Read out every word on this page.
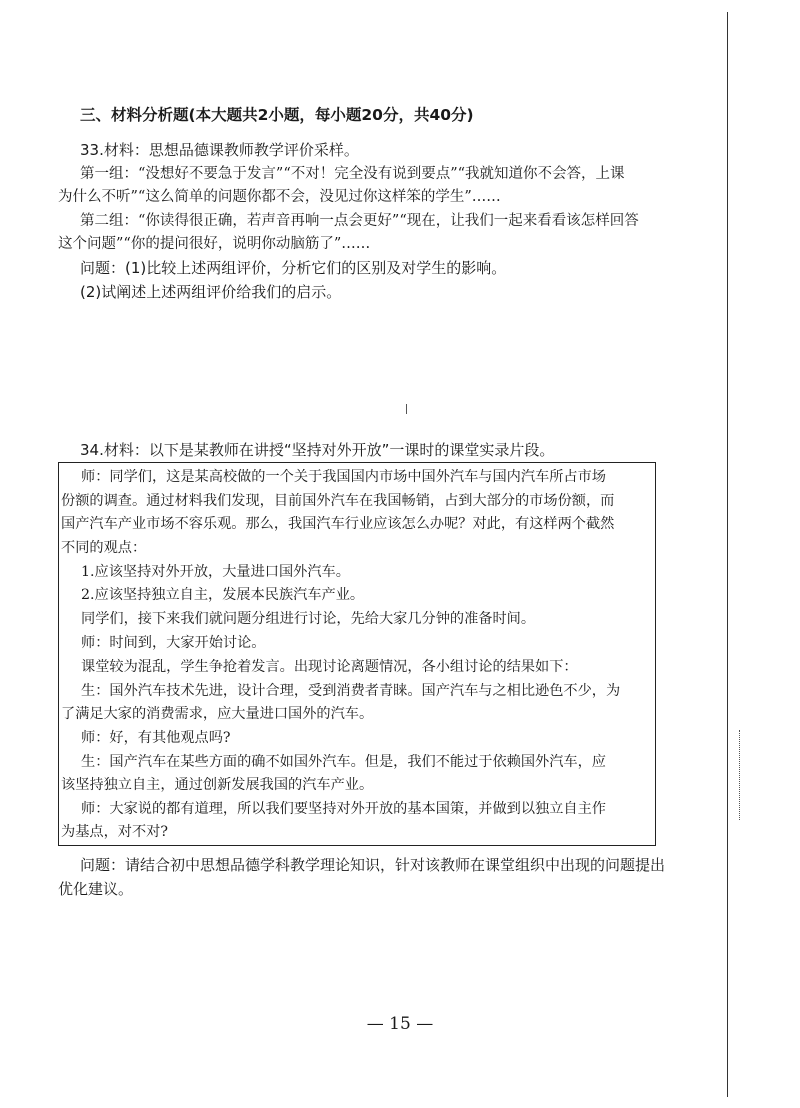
三、材料分析题(本大题共2小题，每小题20分，共40分)
33.材料：思想品德课教师教学评价采样。
第一组：“没想好不要急于发言”“不对！完全没有说到要点”“我就知道你不会答，上课
为什么不听”“这么简单的问题你都不会，没见过你这样笨的学生”……
第二组：“你读得很正确，若声音再响一点会更好”“现在，让我们一起来看看该怎样回答
这个问题”“你的提问很好，说明你动脑筋了”……
问题：(1)比较上述两组评价，分析它们的区别及对学生的影响。
(2)试阐述上述两组评价给我们的启示。
34.材料：以下是某教师在讲授“坚持对外开放”一课时的课堂实录片段。
师：同学们，这是某高校做的一个关于我国国内市场中国外汽车与国内汽车所占市场
份额的调查。通过材料我们发现，目前国外汽车在我国畅销，占到大部分的市场份额，而
国产汽车产业市场不容乐观。那么，我国汽车行业应该怎么办呢？对此，有这样两个截然
不同的观点：
1.应该坚持对外开放，大量进口国外汽车。
2.应该坚持独立自主，发展本民族汽车产业。
同学们，接下来我们就问题分组进行讨论，先给大家几分钟的准备时间。
师：时间到，大家开始讨论。
课堂较为混乱，学生争抢着发言。出现讨论离题情况，各小组讨论的结果如下：
生：国外汽车技术先进，设计合理，受到消费者青睐。国产汽车与之相比逊色不少，为
了满足大家的消费需求，应大量进口国外的汽车。
师：好，有其他观点吗?
生：国产汽车在某些方面的确不如国外汽车。但是，我们不能过于依赖国外汽车，应
该坚持独立自主，通过创新发展我国的汽车产业。
师：大家说的都有道理，所以我们要坚持对外开放的基本国策，并做到以独立自主作
为基点，对不对?
问题：请结合初中思想品德学科教学理论知识，针对该教师在课堂组织中出现的问题提出
优化建议。
— 15 —
